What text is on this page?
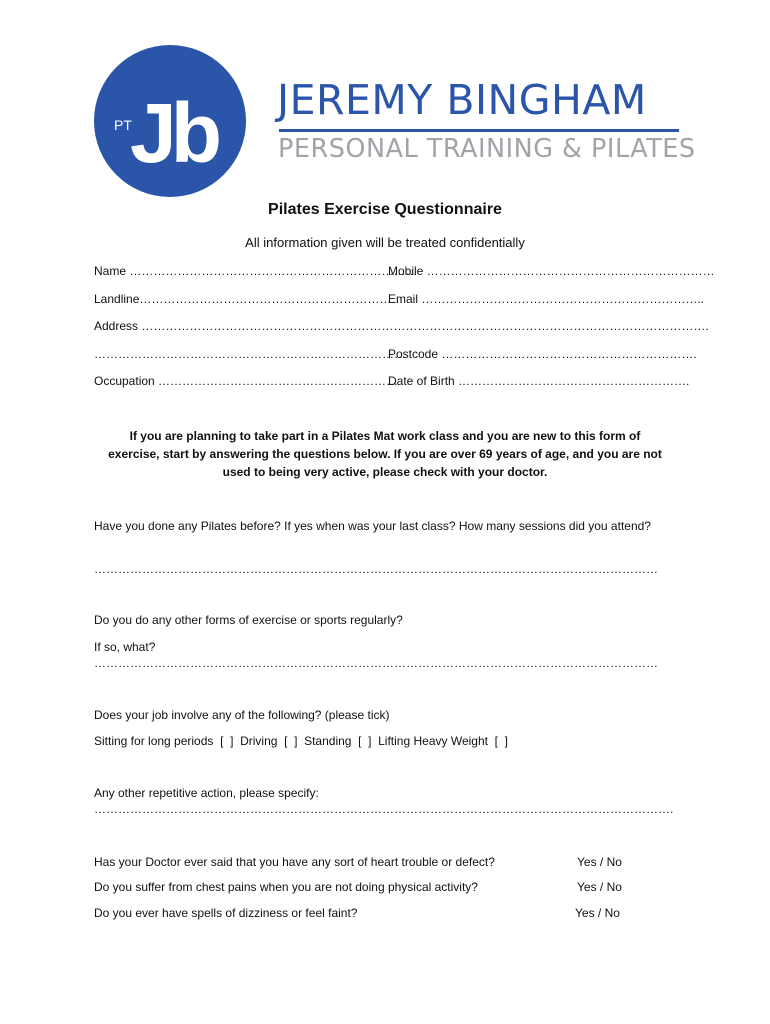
PT
Jb JEREMY BINGHAM
PERSONAL TRAINING & PILATES
Pilates Exercise Questionnaire
All information given will be treated confidentially
Name ………………………………………………………………
Mobile ………………………………………………………………
Landline…………………………………………………………
Email ……………………………………………………………..
Address …………………………………………………………………………………………………………………………….
……………………………………………………………………
Postcode ……………………………………………………….
Occupation ……………………………………………………
Date of Birth ………………………………………………….
If you are planning to take part in a Pilates Mat work class and you are new to this form of
exercise, start by answering the questions below. If you are over 69 years of age, and you are not
used to being very active, please check with your doctor.
Have you done any Pilates before? If yes when was your last class? How many sessions did you attend?
……………………………………………………………………………………………………………………………
Do you do any other forms of exercise or sports regularly?
If so, what?
……………………………………………………………………………………………………………………………
Does your job involve any of the following? (please tick)
Sitting for long periods  [  ]  Driving  [  ]  Standing  [  ]  Lifting Heavy Weight  [  ]
Any other repetitive action, please specify:
……………………………………………………………………………………………………………………………….
Has your Doctor ever said that you have any sort of heart trouble or defect?	Yes / No
Do you suffer from chest pains when you are not doing physical activity?	Yes / No
Do you ever have spells of dizziness or feel faint?	Yes / No
